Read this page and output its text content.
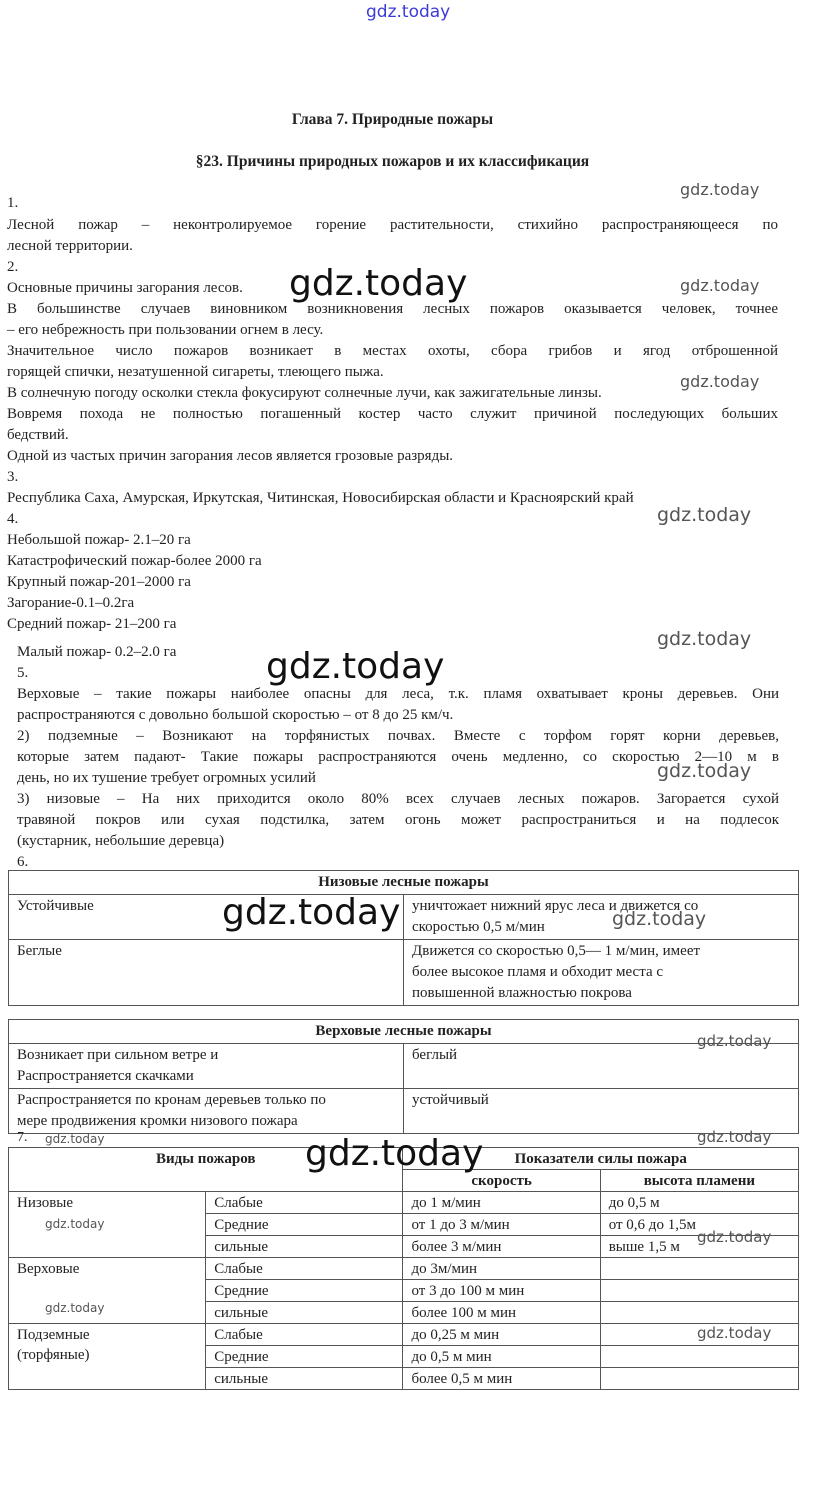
gdz.today
Глава 7. Природные пожары
§23. Причины природных пожаров и их классификация
1.
Лесной пожар – неконтролируемое горение растительности, стихийно распространяющееся по
лесной территории.
2.
Основные причины загорания лесов.
В большинстве случаев виновником возникновения лесных пожаров оказывается человек, точнее
– его небрежность при пользовании огнем в лесу.
Значительное число пожаров возникает в местах охоты, сбора грибов и ягод отброшенной
горящей спички, незатушенной сигареты, тлеющего пыжа.
В солнечную погоду осколки стекла фокусируют солнечные лучи, как зажигательные линзы.
Вовремя похода не полностью погашенный костер часто служит причиной последующих больших
бедствий.
Одной из частых причин загорания лесов является грозовые разряды.
3.
Республика Саха, Амурская, Иркутская, Читинская, Новосибирская области и Красноярский край
4.
Небольшой пожар- 2.1–20 га
Катастрофический пожар-более 2000 га
Крупный пожар-201–2000 га
Загорание-0.1–0.2га
Средний пожар- 21–200 га
Малый пожар- 0.2–2.0 га
5.
Верховые – такие пожары наиболее опасны для леса, т.к. пламя охватывает кроны деревьев. Они
распространяются с довольно большой скоростью – от 8 до 25 км/ч.
2) подземные – Возникают на торфянистых почвах. Вместе с торфом горят корни деревьев,
которые затем падают- Такие пожары распространяются очень медленно, со скоростью 2—10 м в
день, но их тушение требует огромных усилий
3) низовые – На них приходится около 80% всех случаев лесных пожаров. Загорается сухой
травяной покров или сухая подстилка, затем огонь может распространиться и на подлесок
(кустарник, небольшие деревца)
6.
Низовые лесные пожары	
Устойчивые	уничтожает нижний ярус леса и движется со
скоростью 0,5 м/мин

Беглые	Движется со скоростью 0,5— 1 м/мин, имеет
более высокое пламя и обходит места с
повышенной влажностью покрова
Верховые лесные пожары	

Возникает при сильном ветре и
Распространяется скачками	беглый

Распространяется по кронам деревьев только по
мере продвижения кромки низового пожара	устойчивый
7.
Виды пожаров		Показатели силы пожара	
		скорость	высота пламени
Низовые	Слабые	до 1 м/мин	до 0,5 м
	Средние	от 1 до 3 м/мин	от 0,6 до 1,5м
	сильные	более 3 м/мин	выше 1,5 м
Верховые	Слабые	до 3м/мин	
	Средние	от 3 до 100 м мин	
	сильные	более 100 м мин	

Подземные (торфяные)	Слабые	до 0,25 м мин	
	Средние	до 0,5 м мин	
	сильные	более 0,5 м мин	
gdz.today
gdz.today	gdz.today
gdz.today
gdz.today
gdz.today
gdz.today
gdz.today
gdz.today	gdz.today
gdz.today
gdz.today	gdz.today
gdz.today
gdz.today
gdz.today
gdz.today
gdz.today
